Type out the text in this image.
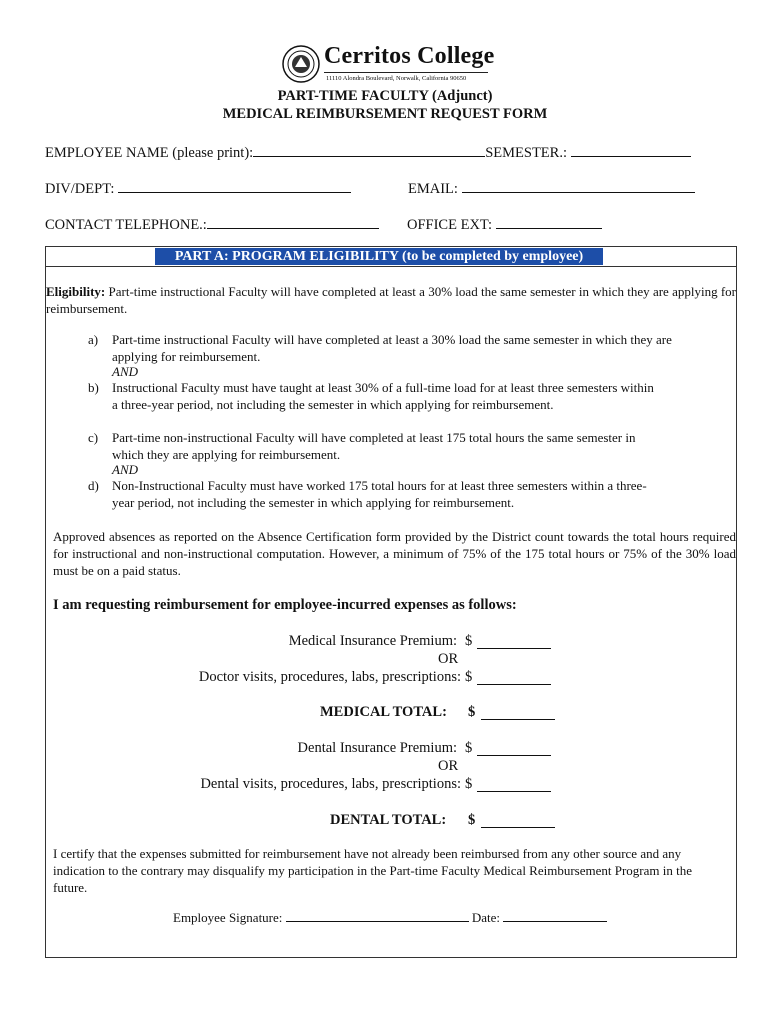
Cerritos College
11110 Alondra Boulevard, Norwalk, California 90650
PART-TIME FACULTY (Adjunct)
MEDICAL REIMBURSEMENT REQUEST FORM
EMPLOYEE NAME (please print):	SEMESTER.:
DIV/DEPT:	EMAIL:
CONTACT TELEPHONE.:	OFFICE EXT:
PART A: PROGRAM ELIGIBILITY (to be completed by employee)
Eligibility: Part-time instructional Faculty will have completed at least a 30% load the same semester in which they are applying for reimbursement.
a) Part-time instructional Faculty will have completed at least a 30% load the same semester in which they are applying for reimbursement.
AND
b) Instructional Faculty must have taught at least 30% of a full-time load for at least three semesters within a three-year period, not including the semester in which applying for reimbursement.
c) Part-time non-instructional Faculty will have completed at least 175 total hours the same semester in which they are applying for reimbursement.
AND
d) Non-Instructional Faculty must have worked 175 total hours for at least three semesters within a three-year period, not including the semester in which applying for reimbursement.
Approved absences as reported on the Absence Certification form provided by the District count towards the total hours required for instructional and non-instructional computation. However, a minimum of 75% of the 175 total hours or 75% of the 30% load must be on a paid status.
I am requesting reimbursement for employee-incurred expenses as follows:
Medical Insurance Premium: $
OR
Doctor visits, procedures, labs, prescriptions: $
MEDICAL TOTAL: $
Dental Insurance Premium: $
OR
Dental visits, procedures, labs, prescriptions: $
DENTAL TOTAL: $
I certify that the expenses submitted for reimbursement have not already been reimbursed from any other source and any indication to the contrary may disqualify my participation in the Part-time Faculty Medical Reimbursement Program in the future.
Employee Signature:	Date:
